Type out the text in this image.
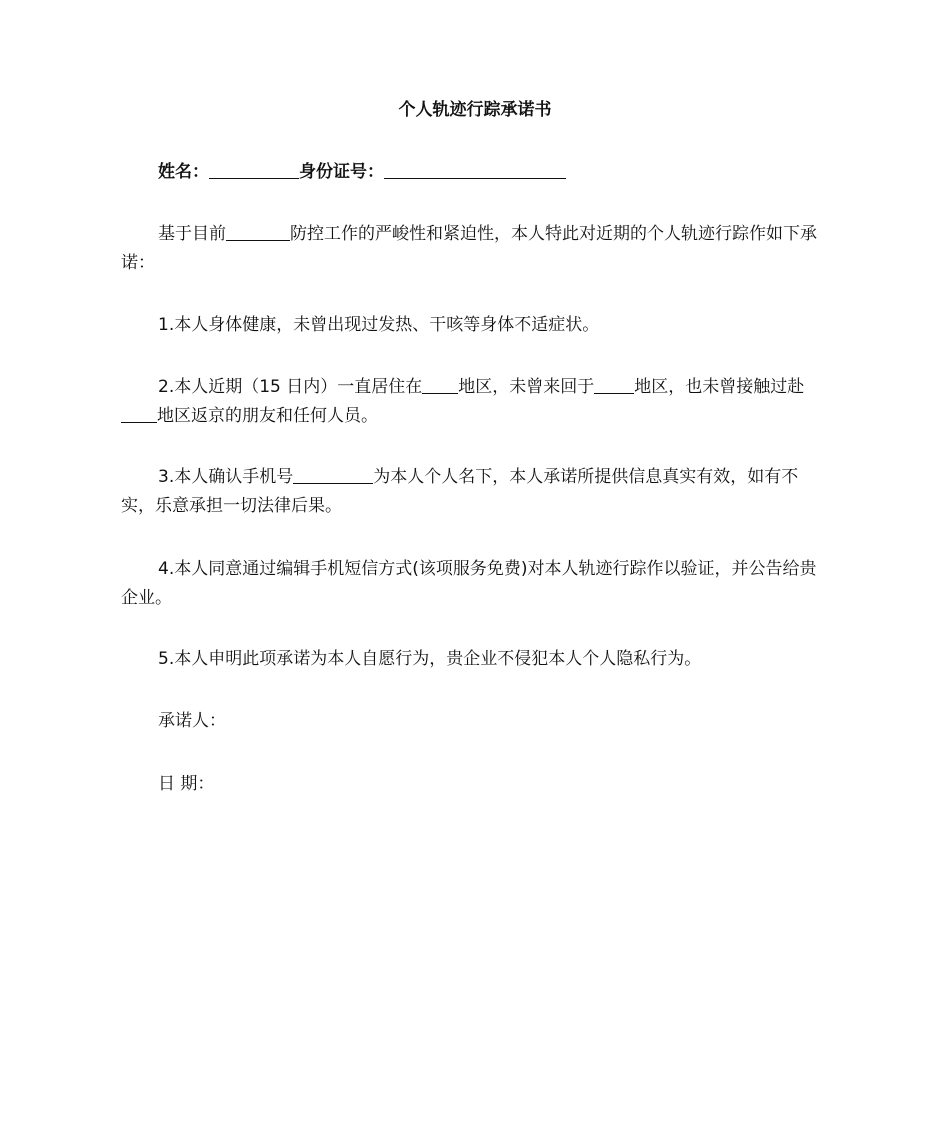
个人轨迹行踪承诺书
姓名：	身份证号：

基于目前	防控工作的严峻性和紧迫性，本人特此对近期的个人轨迹行踪作如下承诺：

1.本人身体健康，未曾出现过发热、干咳等身体不适症状。

2.本人近期（15 日内）一直居住在 地区，未曾来回于 地区，也未曾接触过赴地区返京的朋友和任何人员。

3.本人确认手机号	为本人个人名下，本人承诺所提供信息真实有效，如有不实，乐意承担一切法律后果。

4.本人同意通过编辑手机短信方式(该项服务免费)对本人轨迹行踪作以验证，并公告给贵企业。

5.本人申明此项承诺为本人自愿行为，贵企业不侵犯本人个人隐私行为。

承诺人：

日 期：
